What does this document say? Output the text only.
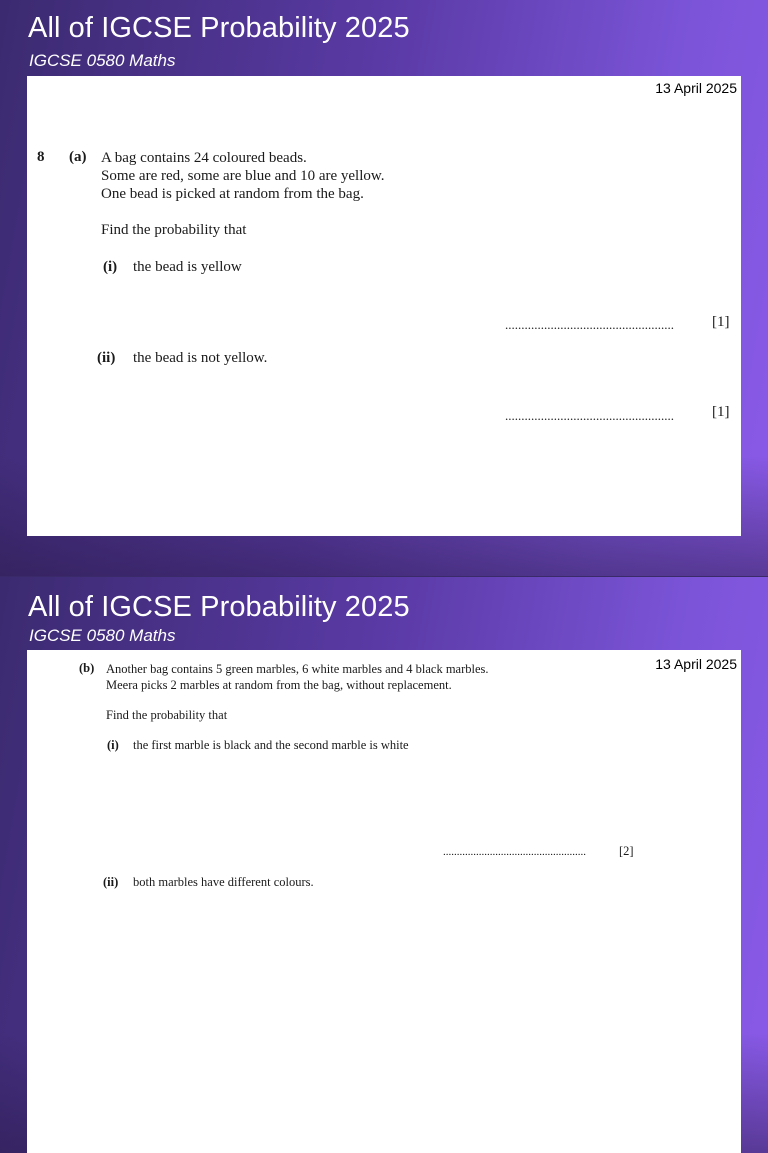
All of IGCSE Probability 2025
IGCSE 0580 Maths
13 April 2025
8 (a) A bag contains 24 coloured beads.
Some are red, some are blue and 10 are yellow.
One bead is picked at random from the bag.
Find the probability that
(i) the bead is yellow
....................................................	[1]
(ii) the bead is not yellow.
....................................................	[1]
All of IGCSE Probability 2025
IGCSE 0580 Maths
13 April 2025
(b) Another bag contains 5 green marbles, 6 white marbles and 4 black marbles.
Meera picks 2 marbles at random from the bag, without replacement.
Find the probability that
(i) the first marble is black and the second marble is white
....................................................	[2]
(ii) both marbles have different colours.
